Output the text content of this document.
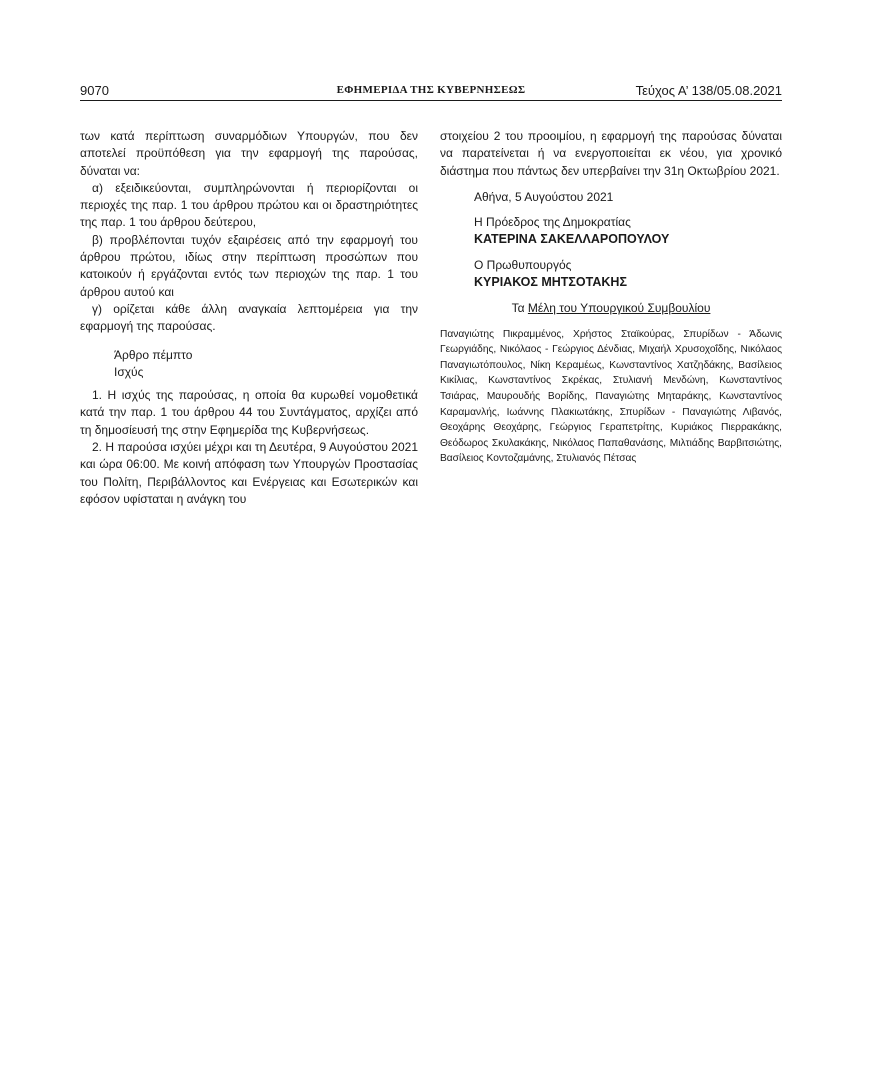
9070	ΕΦΗΜΕΡΙΔΑ ΤΗΣ ΚΥΒΕΡΝΗΣΕΩΣ	Τεύχος Α’ 138/05.08.2021

των κατά περίπτωση συναρμόδιων Υπουργών, που δεν αποτελεί προϋπόθεση για την εφαρμογή της παρούσας, δύναται να:

α) εξειδικεύονται, συμπληρώνονται ή περιορίζονται οι περιοχές της παρ. 1 του άρθρου πρώτου και οι δραστηριότητες της παρ. 1 του άρθρου δεύτερου,

β) προβλέπονται τυχόν εξαιρέσεις από την εφαρμογή του άρθρου πρώτου, ιδίως στην περίπτωση προσώπων που κατοικούν ή εργάζονται εντός των περιοχών της παρ. 1 του άρθρου αυτού και

γ) ορίζεται κάθε άλλη αναγκαία λεπτομέρεια για την εφαρμογή της παρούσας.

Άρθρο πέμπτο

Ισχύς

1. Η ισχύς της παρούσας, η οποία θα κυρωθεί νομοθετικά κατά την παρ. 1 του άρθρου 44 του Συντάγματος, αρχίζει από τη δημοσίευσή της στην Εφημερίδα της Κυβερνήσεως.

2. Η παρούσα ισχύει μέχρι και τη Δευτέρα, 9 Αυγούστου 2021 και ώρα 06:00. Με κοινή απόφαση των Υπουργών Προστασίας του Πολίτη, Περιβάλλοντος και Ενέργειας και Εσωτερικών και εφόσον υφίσταται η ανάγκη του

στοιχείου 2 του προοιμίου, η εφαρμογή της παρούσας δύναται να παρατείνεται ή να ενεργοποιείται εκ νέου, για χρονικό διάστημα που πάντως δεν υπερβαίνει την 31η Οκτωβρίου 2021.

Αθήνα, 5 Αυγούστου 2021

Η Πρόεδρος της Δημοκρατίας

ΚΑΤΕΡΙΝΑ ΣΑΚΕΛΛΑΡΟΠΟΥΛΟΥ

Ο Πρωθυπουργός

ΚΥΡΙΑΚΟΣ ΜΗΤΣΟΤΑΚΗΣ

Τα Μέλη του Υπουργικού Συμβουλίου

Παναγιώτης Πικραμμένος, Χρήστος Σταϊκούρας, Σπυρίδων - Άδωνις Γεωργιάδης, Νικόλαος - Γεώργιος Δένδιας, Μιχαήλ Χρυσοχοΐδης, Νικόλαος Παναγιωτόπουλος, Νίκη Κεραμέως, Κωνσταντίνος Χατζηδάκης, Βασίλειος Κικίλιας, Κωνσταντίνος Σκρέκας, Στυλιανή Μενδώνη, Κωνσταντίνος Τσιάρας, Μαυρουδής Βορίδης, Παναγιώτης Μηταράκης, Κωνσταντίνος Καραμανλής, Ιωάννης Πλακιωτάκης, Σπυρίδων - Παναγιώτης Λιβανός, Θεοχάρης Θεοχάρης, Γεώργιος Γεραπετρίτης, Κυριάκος Πιερρακάκης, Θεόδωρος Σκυλακάκης, Νικόλαος Παπαθανάσης, Μιλτιάδης Βαρβιτσιώτης, Βασίλειος Κοντοζαμάνης, Στυλιανός Πέτσας
